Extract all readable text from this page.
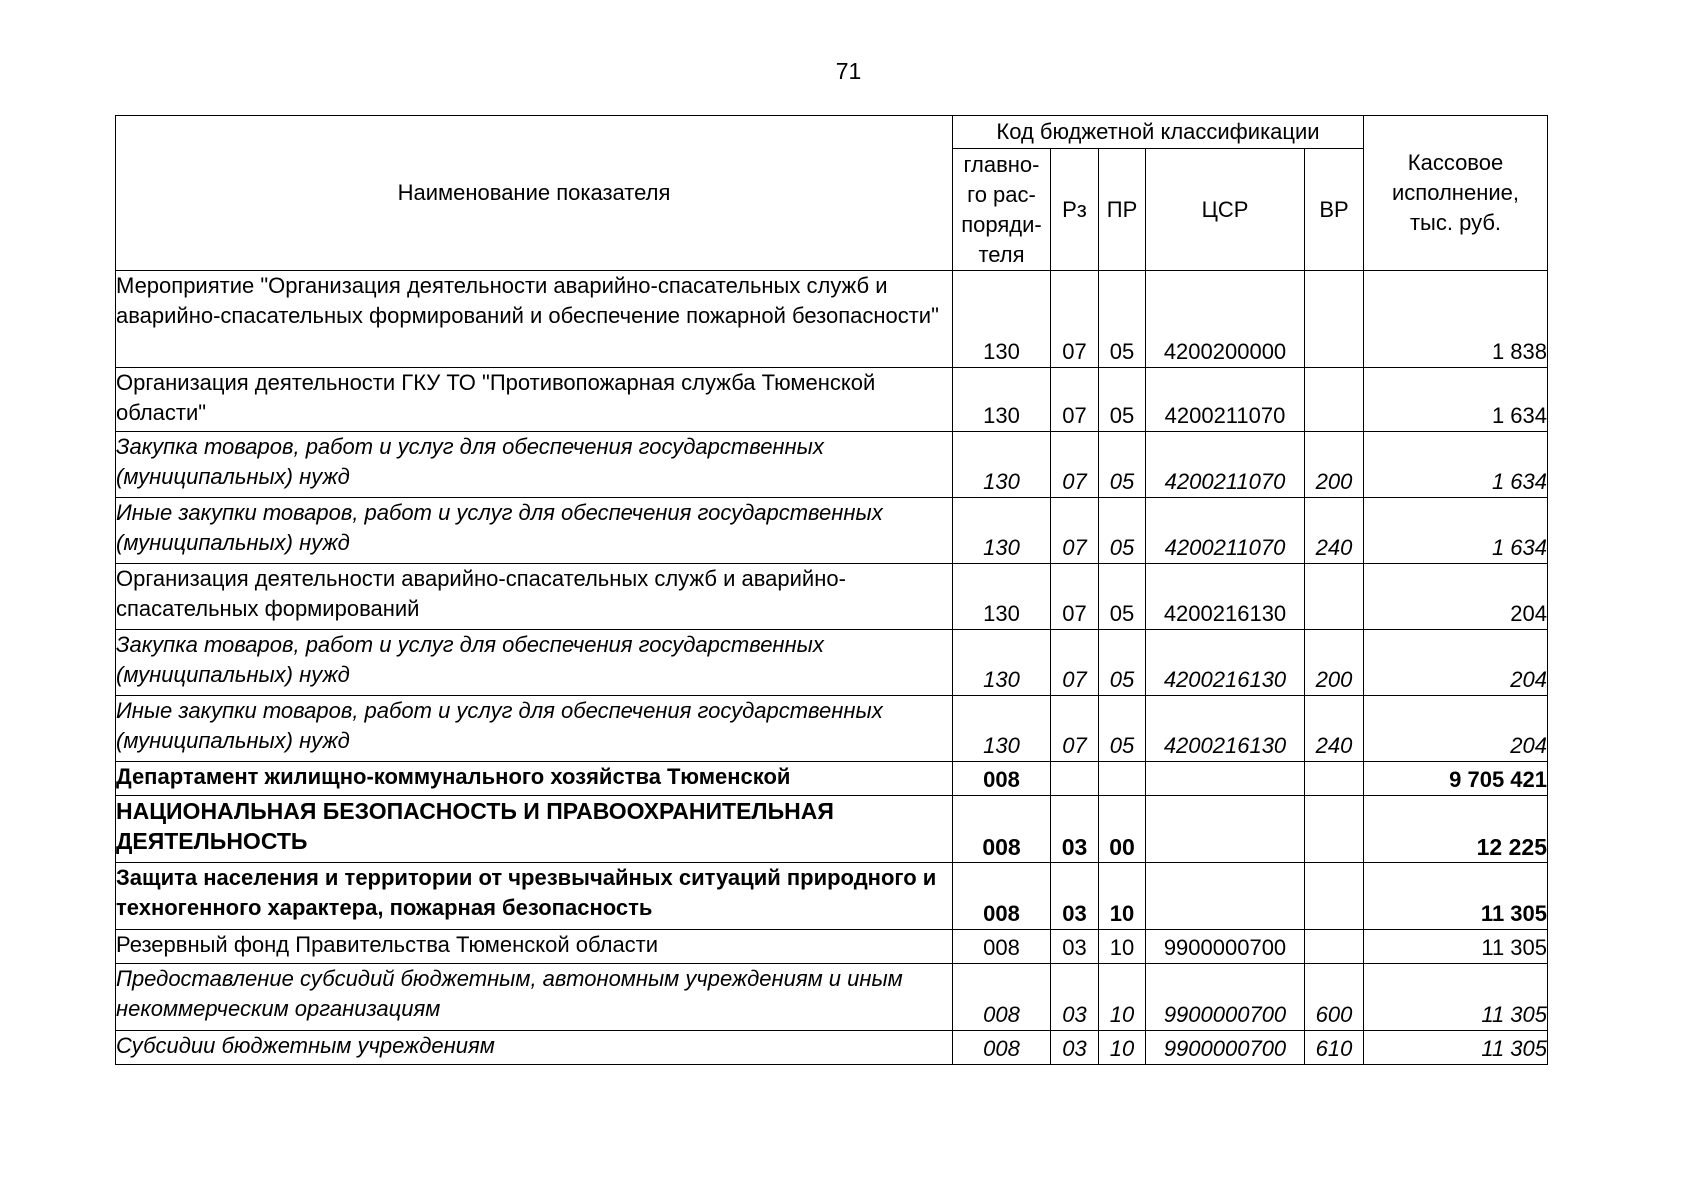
71
Наименование показателя	Код бюджетной классификации					Кассовое исполнение, тыс. руб.
	главно-го рас-поряди-теля	Рз	ПР	ЦСР	ВР	
Мероприятие "Организация деятельности аварийно-спасательных служб и аварийно-спасательных формирований и обеспечение пожарной безопасности"	130	07	05	4200200000		1 838
Организация деятельности ГКУ ТО "Противопожарная служба Тюменской области"	130	07	05	4200211070		1 634
Закупка товаров, работ и услуг для обеспечения государственных (муниципальных) нужд	130	07	05	4200211070	200	1 634
Иные закупки товаров, работ и услуг для обеспечения государственных (муниципальных) нужд	130	07	05	4200211070	240	1 634
Организация деятельности аварийно-спасательных служб и аварийно-спасательных формирований	130	07	05	4200216130		204
Закупка товаров, работ и услуг для обеспечения государственных (муниципальных) нужд	130	07	05	4200216130	200	204
Иные закупки товаров, работ и услуг для обеспечения государственных (муниципальных) нужд	130	07	05	4200216130	240	204
Департамент жилищно-коммунального хозяйства Тюменской	008					9 705 421
НАЦИОНАЛЬНАЯ БЕЗОПАСНОСТЬ И ПРАВООХРАНИТЕЛЬНАЯ ДЕЯТЕЛЬНОСТЬ	008	03	00			12 225
Защита населения и территории от чрезвычайных ситуаций природного и техногенного характера, пожарная безопасность	008	03	10			11 305
Резервный фонд Правительства Тюменской области	008	03	10	9900000700		11 305
Предоставление субсидий бюджетным, автономным учреждениям и иным некоммерческим организациям	008	03	10	9900000700	600	11 305
Субсидии бюджетным учреждениям	008	03	10	9900000700	610	11 305
